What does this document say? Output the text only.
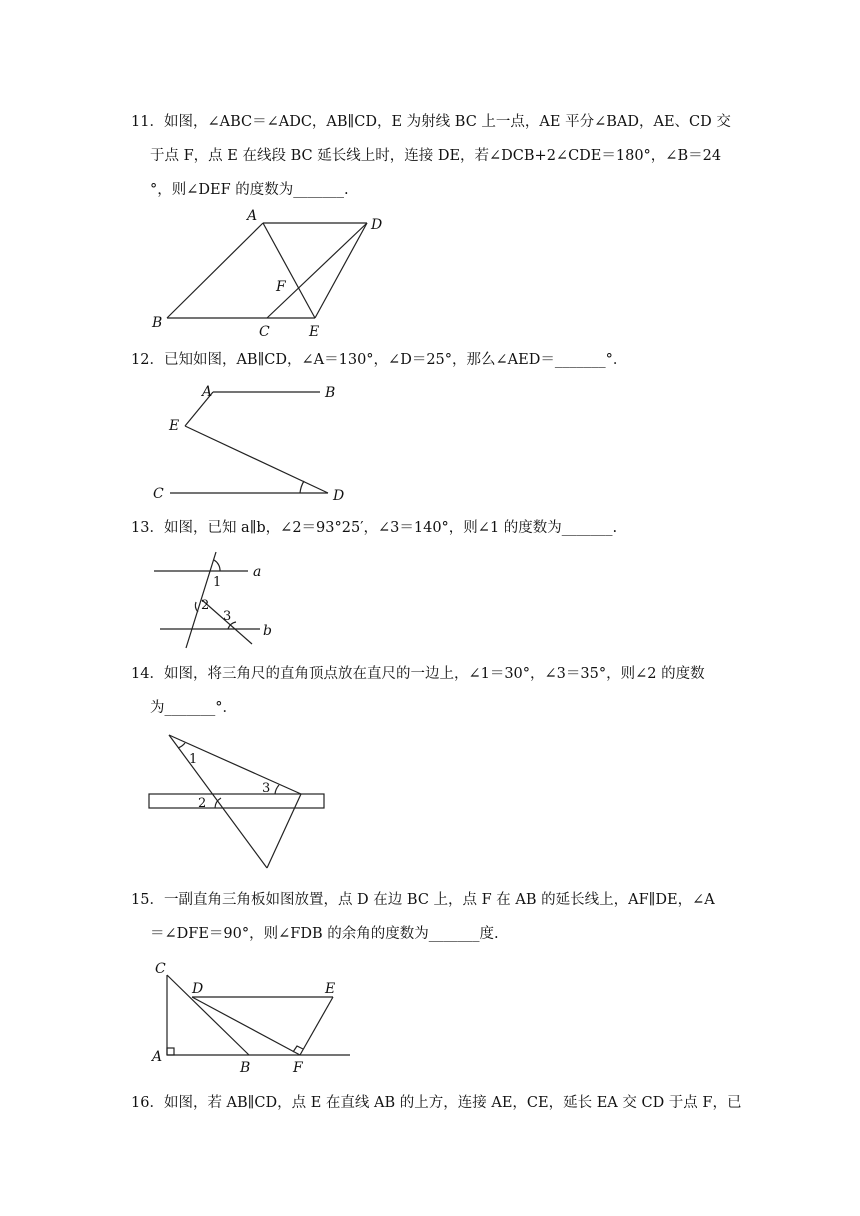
11．如图，∠ABC＝∠ADC，AB∥CD，E 为射线 BC 上一点，AE 平分∠BAD，AE、CD 交
于点 F，点 E 在线段 BC 延长线上时，连接 DE，若∠DCB+2∠CDE＝180°，∠B＝24
°，则∠DEF 的度数为_______.
A
D
F
B
C	E
12．已知如图，AB∥CD，∠A＝130°，∠D＝25°，那么∠AED＝_______°．
A	B
E
C	D
13．如图，已知 a∥b，∠2＝93°25′，∠3＝140°，则∠1 的度数为_______.
1
2
3
a
b
14．如图，将三角尺的直角顶点放在直尺的一边上，∠1＝30°，∠3＝35°，则∠2 的度数
为_______°．
1
2
3
15．一副直角三角板如图放置，点 D 在边 BC 上，点 F 在 AB 的延长线上，AF∥DE，∠A
＝∠DFE＝90°，则∠FDB 的余角的度数为_______度.
C
D	E
A
B	F
16．如图，若 AB∥CD，点 E 在直线 AB 的上方，连接 AE，CE，延长 EA 交 CD 于点 F，已
